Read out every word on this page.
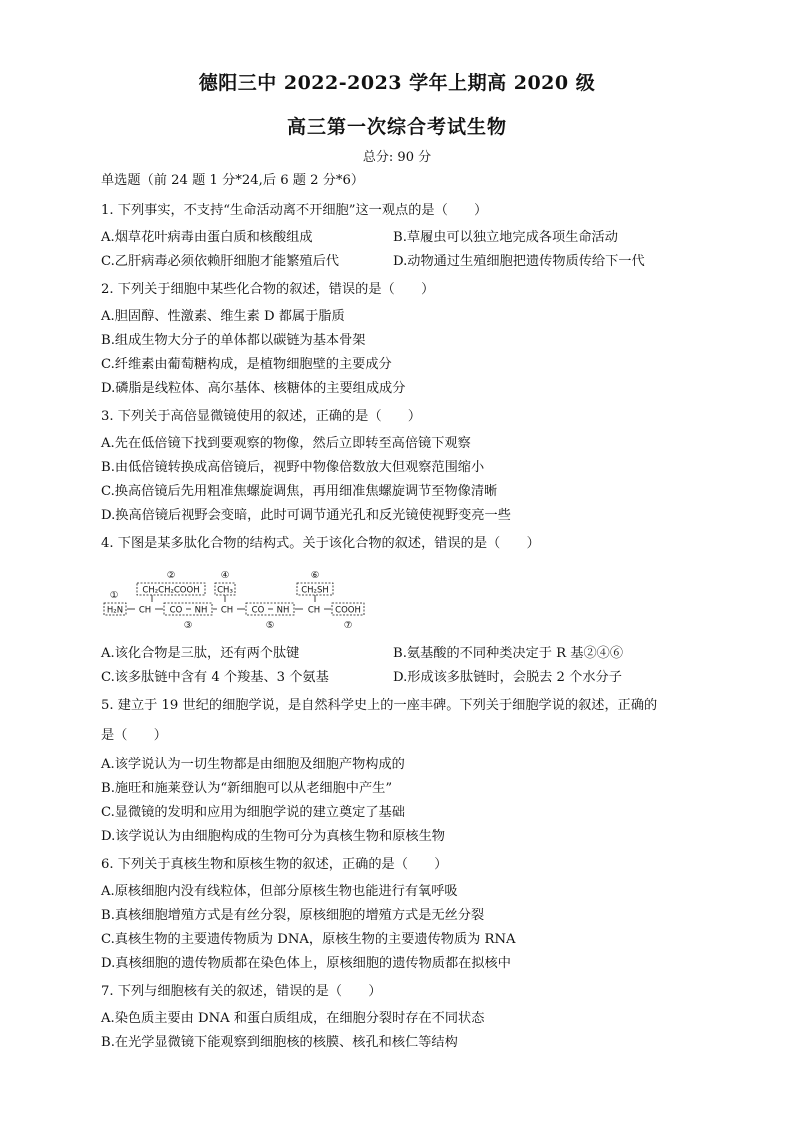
德阳三中 2022-2023 学年上期高 2020 级
高三第一次综合考试生物
总分: 90 分
单选题（前 24 题 1 分*24,后 6 题 2 分*6）
1. 下列事实，不支持“生命活动离不开细胞”这一观点的是（　　）
A.烟草花叶病毒由蛋白质和核酸组成	B.草履虫可以独立地完成各项生命活动
C.乙肝病毒必须依赖肝细胞才能繁殖后代	D.动物通过生殖细胞把遗传物质传给下一代
2. 下列关于细胞中某些化合物的叙述，错误的是（　　）
A.胆固醇、性激素、维生素 D 都属于脂质
B.组成生物大分子的单体都以碳链为基本骨架
C.纤维素由葡萄糖构成，是植物细胞壁的主要成分
D.磷脂是线粒体、高尔基体、核糖体的主要组成成分
3. 下列关于高倍显微镜使用的叙述，正确的是（　　）
A.先在低倍镜下找到要观察的物像，然后立即转至高倍镜下观察
B.由低倍镜转换成高倍镜后，视野中物像倍数放大但观察范围缩小
C.换高倍镜后先用粗准焦螺旋调焦，再用细准焦螺旋调节至物像清晰
D.换高倍镜后视野会变暗，此时可调节通光孔和反光镜使视野变亮一些
4. 下图是某多肽化合物的结构式。关于该化合物的叙述，错误的是（　　）
②	④	⑥
①	CH₂CH₂COOH CH₃	CH₂SH
H₂N CH CO NH CH CO NH CH COOH
③	⑤	⑦
A.该化合物是三肽，还有两个肽键	B.氨基酸的不同种类决定于 R 基②④⑥
C.该多肽链中含有 4 个羧基、3 个氨基	D.形成该多肽链时，会脱去 2 个水分子
5. 建立于 19 世纪的细胞学说，是自然科学史上的一座丰碑。下列关于细胞学说的叙述，正确的
是（　　）
A.该学说认为一切生物都是由细胞及细胞产物构成的
B.施旺和施莱登认为“新细胞可以从老细胞中产生”
C.显微镜的发明和应用为细胞学说的建立奠定了基础
D.该学说认为由细胞构成的生物可分为真核生物和原核生物
6. 下列关于真核生物和原核生物的叙述，正确的是（　　）
A.原核细胞内没有线粒体，但部分原核生物也能进行有氧呼吸
B.真核细胞增殖方式是有丝分裂，原核细胞的增殖方式是无丝分裂
C.真核生物的主要遗传物质为 DNA，原核生物的主要遗传物质为 RNA
D.真核细胞的遗传物质都在染色体上，原核细胞的遗传物质都在拟核中
7. 下列与细胞核有关的叙述，错误的是（　　）
A.染色质主要由 DNA 和蛋白质组成，在细胞分裂时存在不同状态
B.在光学显微镜下能观察到细胞核的核膜、核孔和核仁等结构
